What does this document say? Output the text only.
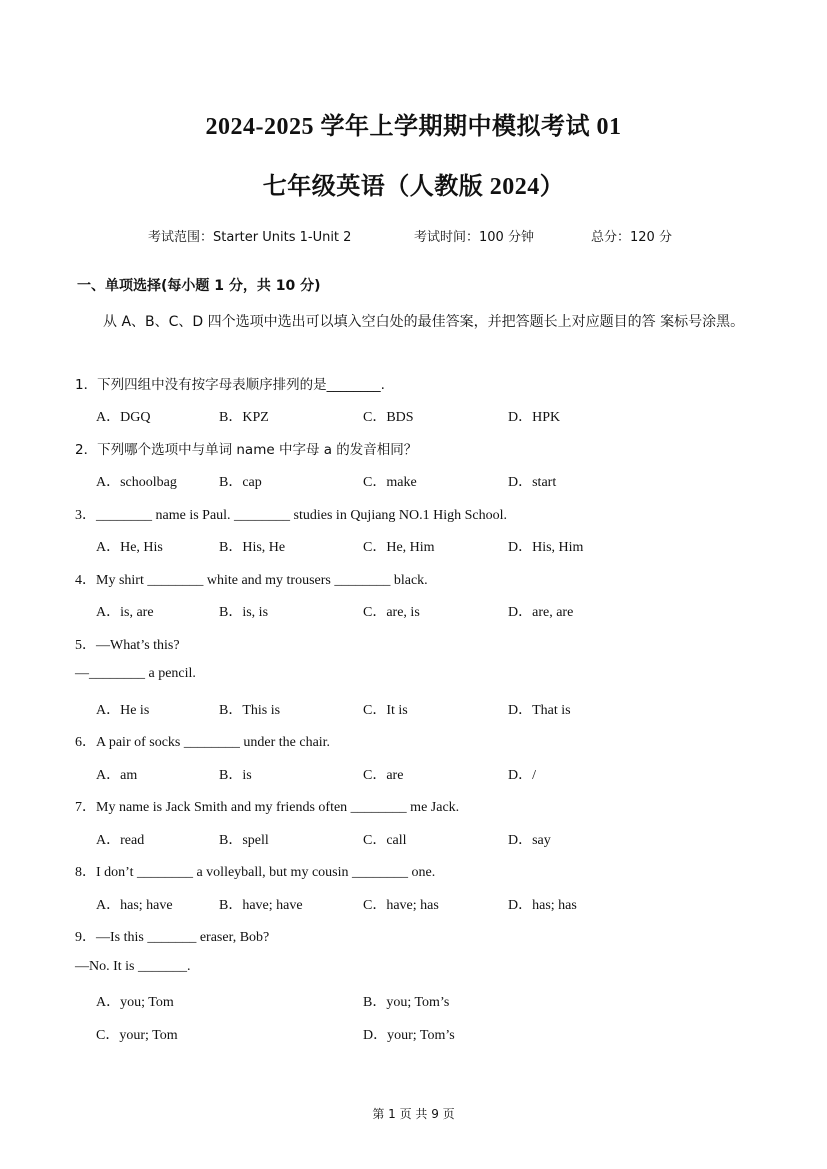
2024-2025 学年上学期期中模拟考试 01
七年级英语（人教版 2024）
考试范围：Starter Units 1-Unit 2	考试时间：100 分钟	总分：120 分
一、单项选择(每小题 1 分，共 10 分)
从 A、B、C、D 四个选项中选出可以填入空白处的最佳答案，并把答题长上对应题目的答 案标号涂黑。
1．下列四组中没有按字母表顺序排列的是________.
A．DGQ	B．KPZ	C．BDS	D．HPK
2．下列哪个选项中与单词 name 中字母 a 的发音相同？
A．schoolbag	B．cap	C．make	D．start
3．________ name is Paul. ________ studies in Qujiang NO.1 High School.
A．He, His	B．His, He	C．He, Him	D．His, Him
4．My shirt ________ white and my trousers ________ black.
A．is, are	B．is, is	C．are, is	D．are, are
5．—What’s this?
—________ a pencil.
A．He is	B．This is	C．It is	D．That is
6．A pair of socks ________ under the chair.
A．am	B．is	C．are	D．/
7．My name is Jack Smith and my friends often ________ me Jack.
A．read	B．spell	C．call	D．say
8．I don’t ________ a volleyball, but my cousin ________ one.
A．has; have	B．have; have	C．have; has	D．has; has
9．—Is this _______ eraser, Bob?
—No. It is _______.
A．you; Tom	B．you; Tom’s
C．your; Tom	D．your; Tom’s
第 1 页 共 9 页
